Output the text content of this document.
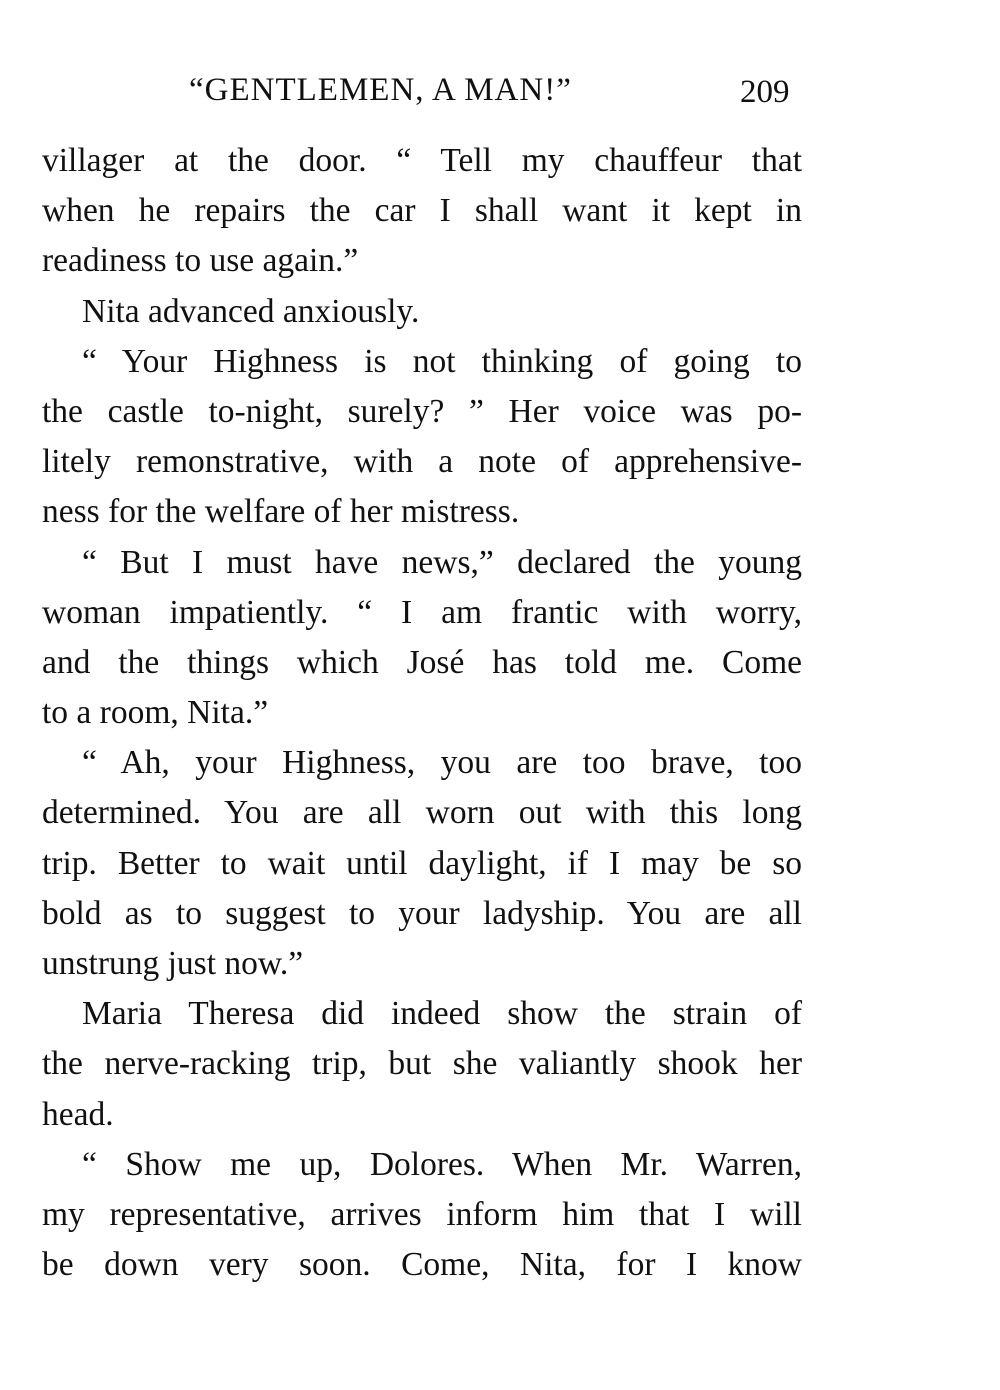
“GENTLEMEN, A MAN!”	209
villager at the door. “ Tell my chauffeur that
when he repairs the car I shall want it kept in
readiness to use again.”
Nita advanced anxiously.
“ Your Highness is not thinking of going to
the castle to-night, surely? ” Her voice was po-
litely remonstrative, with a note of apprehensive-
ness for the welfare of her mistress.
“ But I must have news,” declared the young
woman impatiently. “ I am frantic with worry,
and the things which José has told me. Come
to a room, Nita.”
“ Ah, your Highness, you are too brave, too
determined. You are all worn out with this long
trip. Better to wait until daylight, if I may be so
bold as to suggest to your ladyship. You are all
unstrung just now.”
Maria Theresa did indeed show the strain of
the nerve-racking trip, but she valiantly shook her
head.
“ Show me up, Dolores. When Mr. Warren,
my representative, arrives inform him that I will
be down very soon. Come, Nita, for I know
